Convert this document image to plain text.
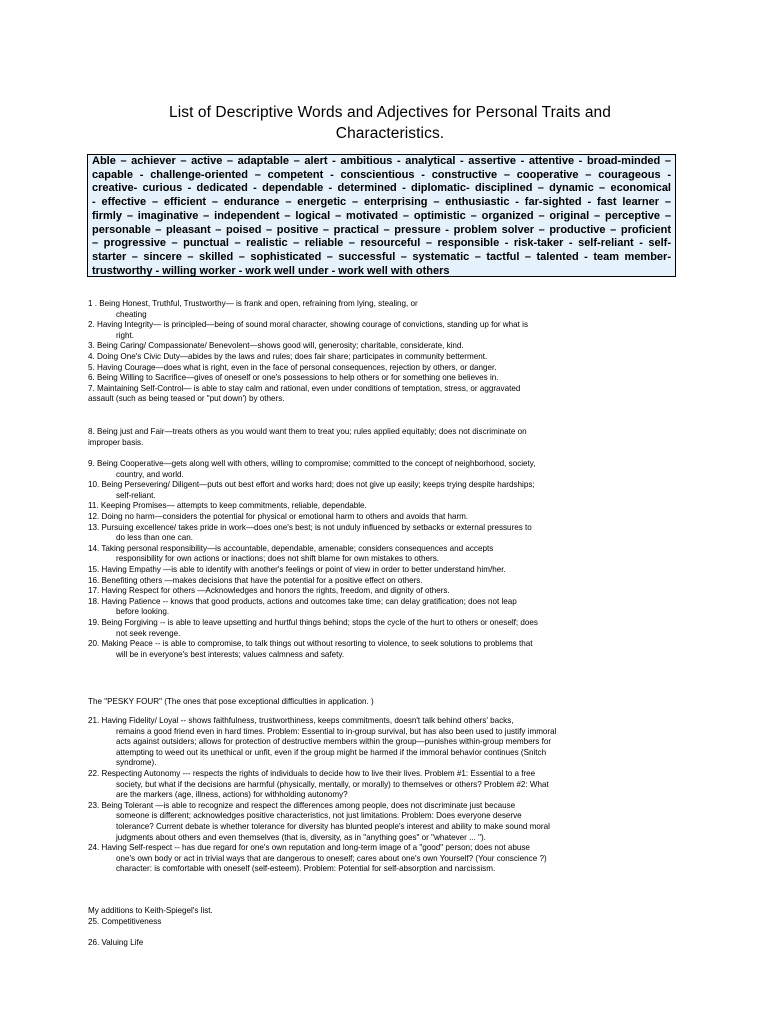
List of Descriptive Words and Adjectives for Personal Traits and
Characteristics.
Able – achiever – active – adaptable – alert - ambitious - analytical - assertive - attentive - broad-minded –
capable - challenge-oriented – competent - conscientious - constructive – cooperative – courageous -
creative- curious - dedicated - dependable - determined - diplomatic- disciplined – dynamic – economical
- effective – efficient – endurance – energetic – enterprising – enthusiastic - far-sighted - fast learner –
firmly – imaginative – independent – logical – motivated – optimistic – organized – original – perceptive –
personable – pleasant – poised – positive – practical – pressure - problem solver – productive – proficient
– progressive – punctual – realistic – reliable – resourceful – responsible - risk-taker - self-reliant - self-
starter – sincere – skilled – sophisticated – successful – systematic – tactful – talented - team member-
trustworthy - willing worker - work well under - work well with others
1 . Being Honest, Truthful, Trustworthy— is frank and open, refraining from lying, stealing, or
cheating
2. Having Integrity— is principled—being of sound moral character, showing courage of convictions, standing up for what is
right.
3. Being Caring/ Compassionate/ Benevolent—shows good will, generosity; charitable, considerate, kind.
4. Doing One's Civic Duty—abides by the laws and rules; does fair share; participates in community betterment.
5. Having Courage—does what is right, even in the face of personal consequences, rejection by others, or danger.
6. Being Willing to Sacrifice—gives of oneself or one's possessions to help others or for something one believes in.
7. Maintaining Self-Control— is able to stay calm and rational, even under conditions of temptation, stress, or aggravated
assault (such as being teased or "put down') by others.
8. Being just and Fair—treats others as you would want them to treat you; rules applied equitably; does not discriminate on
improper basis.
9. Being Cooperative—gets along well with others, willing to compromise; committed to the concept of neighborhood, society,
country, and world.
10. Being Persevering/ Diligent—puts out best effort and works hard; does not give up easily; keeps trying despite hardships;
self-reliant.
11. Keeping Promises— attempts to keep commitments, reliable, dependable.
12. Doing no harm—considers the potential for physical or emotional harm to others and avoids that harm.
13. Pursuing excellence/ takes pride in work—does one's best; is not unduly influenced by setbacks or external pressures to
do less than one can.
14. Taking personal responsibility—is accountable, dependable, amenable; considers consequences and accepts
responsibility for own actions or inactions; does not shift blame for own mistakes to others.
15. Having Empathy —is able to identify with another's feelings or point of view in order to better understand him/her.
16. Benefiting others —makes decisions that have the potential for a positive effect on others.
17. Having Respect for others —Acknowledges and honors the rights, freedom, and dignity of others.
18. Having Patience -- knows that good products, actions and outcomes take time; can delay gratification; does not leap
before looking.
19. Being Forgiving -- is able to leave upsetting and hurtful things behind; stops the cycle of the hurt to others or oneself; does
not seek revenge.
20. Making Peace -- is able to compromise, to talk things out without resorting to violence, to seek solutions to problems that
will be in everyone's best interests; values calmness and safety.
The "PESKY FOUR" (The ones that pose exceptional difficulties in application. )
21. Having Fidelity/ Loyal -- shows faithfulness, trustworthiness, keeps commitments, doesn't talk behind others' backs,
remains a good friend even in hard times. Problem: Essential to in-group survival, but has also been used to justify immoral
acts against outsiders; allows for protection of destructive members within the group—punishes within-group members for
attempting to weed out its unethical or unfit, even if the group might be harmed if the immoral behavior continues (Snitch
syndrome).
22. Respecting Autonomy --- respects the rights of individuals to decide how to live their lives. Problem #1: Essential to a free
society, but what if the decisions are harmful (physically, mentally, or morally) to themselves or others? Problem #2: What
are the markers (age, illness, actions) for withholding autonomy?
23. Being Tolerant —is able to recognize and respect the differences among people, does not discriminate just because
someone is different; acknowledges positive characteristics, not just limitations. Problem: Does everyone deserve
tolerance? Current debate is whether tolerance for diversity has blunted people's interest and ability to make sound moral
judgments about others and even themselves (that is, diversity, as in "anything goes" or "whatever ... ").
24. Having Self-respect -- has due regard for one's own reputation and long-term image of a "good" person; does not abuse
one's own body or act in trivial ways that are dangerous to oneself; cares about one's own Yourself? (Your conscience ?)
character: is comfortable with oneself (self-esteem). Problem: Potential for self-absorption and narcissism.
My additions to Keith-Spiegel's list.
25. Competitiveness
26. Valuing Life
